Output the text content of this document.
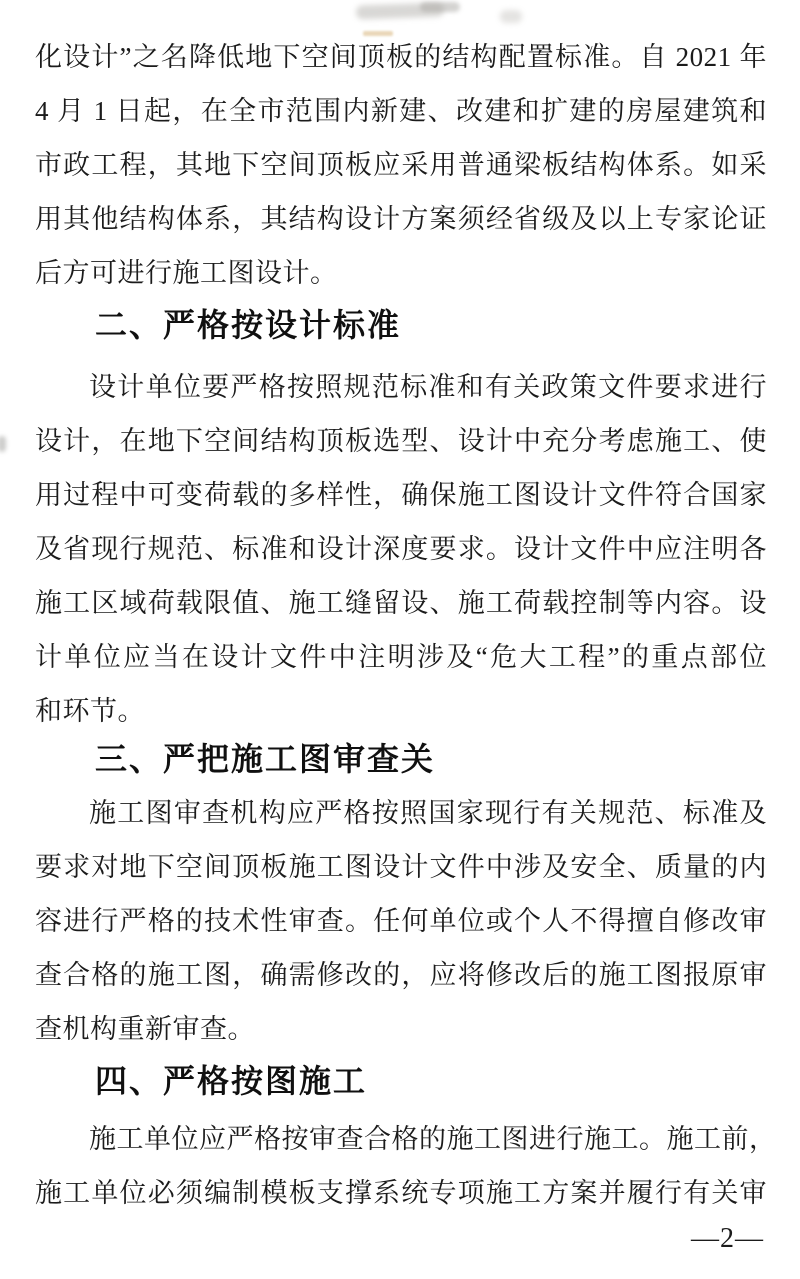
化设计”之名降低地下空间顶板的结构配置标准。自 2021 年
4 月 1 日起，在全市范围内新建、改建和扩建的房屋建筑和
市政工程，其地下空间顶板应采用普通梁板结构体系。如采
用其他结构体系，其结构设计方案须经省级及以上专家论证
后方可进行施工图设计。
二、严格按设计标准
设计单位要严格按照规范标准和有关政策文件要求进行
设计，在地下空间结构顶板选型、设计中充分考虑施工、使
用过程中可变荷载的多样性，确保施工图设计文件符合国家
及省现行规范、标准和设计深度要求。设计文件中应注明各
施工区域荷载限值、施工缝留设、施工荷载控制等内容。设
计单位应当在设计文件中注明涉及“危大工程”的重点部位
和环节。
三、严把施工图审查关
施工图审查机构应严格按照国家现行有关规范、标准及
要求对地下空间顶板施工图设计文件中涉及安全、质量的内
容进行严格的技术性审查。任何单位或个人不得擅自修改审
查合格的施工图，确需修改的，应将修改后的施工图报原审
查机构重新审查。
四、严格按图施工
施工单位应严格按审查合格的施工图进行施工。施工前，
施工单位必须编制模板支撑系统专项施工方案并履行有关审
—2—
